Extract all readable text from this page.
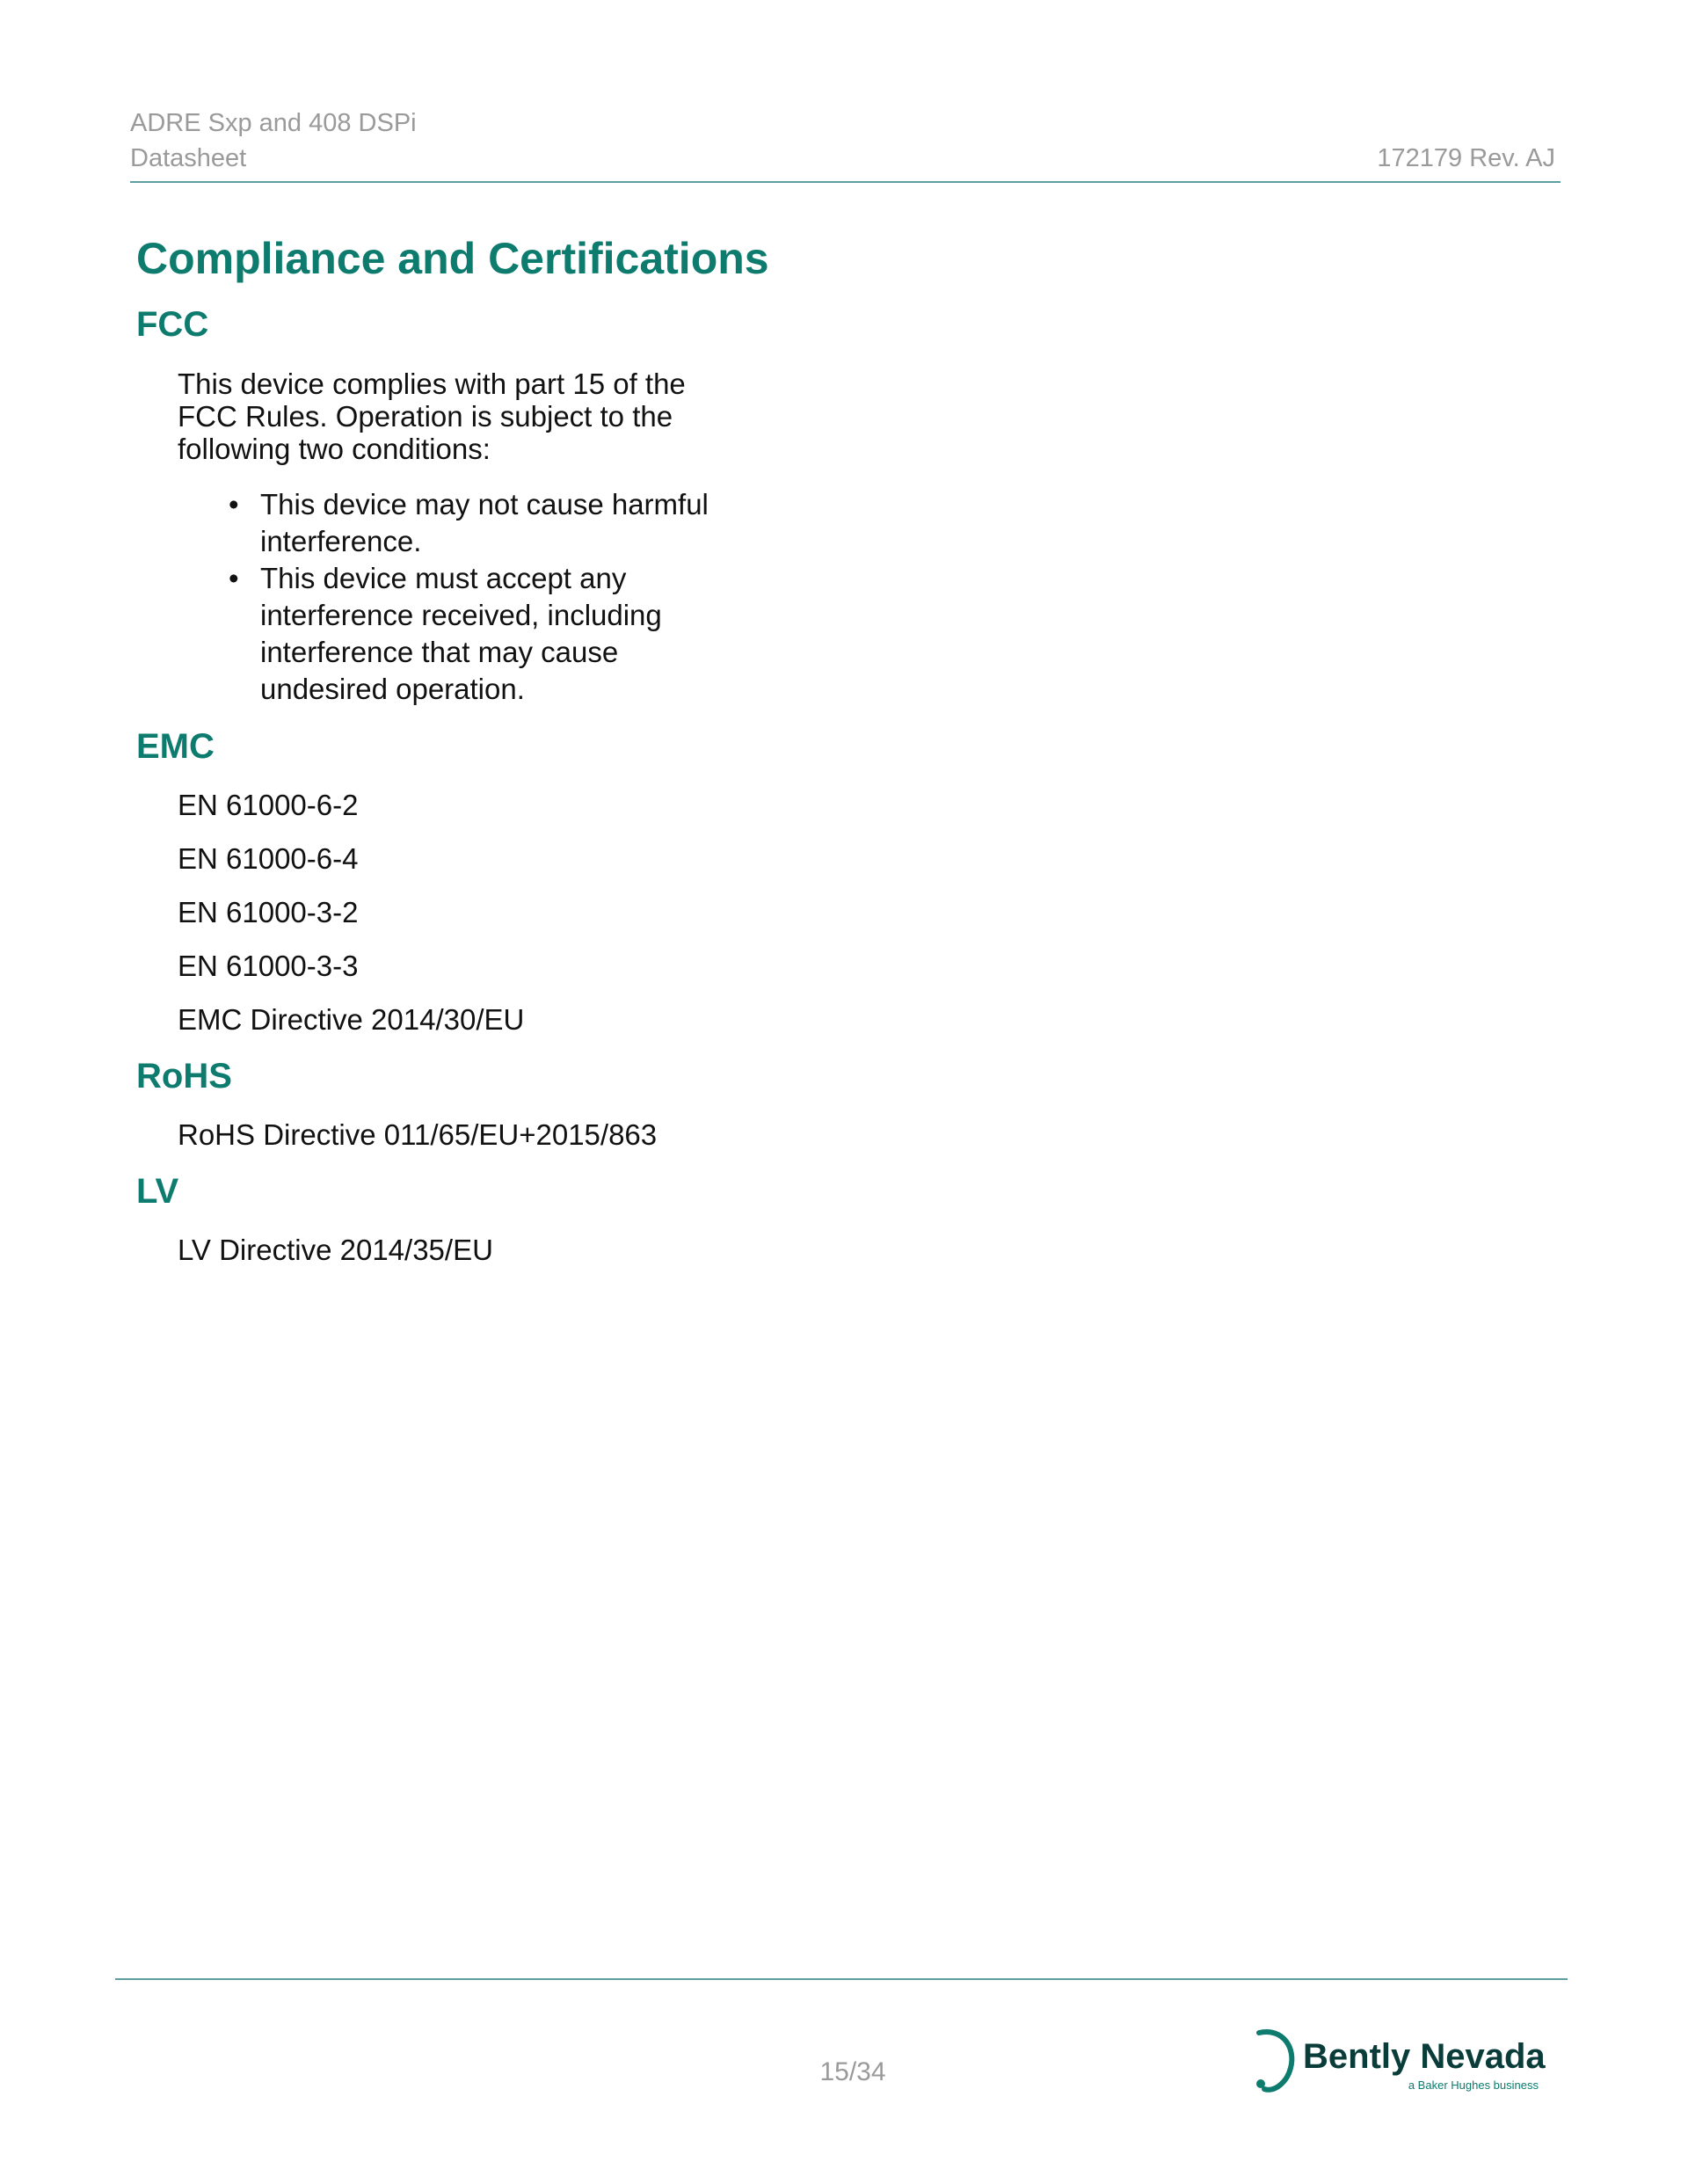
ADRE Sxp and 408 DSPi
Datasheet	172179 Rev. AJ
Compliance and Certifications
FCC

This device complies with part 15 of the
FCC Rules. Operation is subject to the
following two conditions:

• This device may not cause harmful
interference.
• This device must accept any
interference received, including
interference that may cause
undesired operation.
EMC

EN 61000-6-2

EN 61000-6-4

EN 61000-3-2

EN 61000-3-3

EMC Directive 2014/30/EU

RoHS

RoHS Directive 011/65/EU+2015/863

LV

LV Directive 2014/35/EU

15/34	Bently Nevada
a Baker Hughes business
